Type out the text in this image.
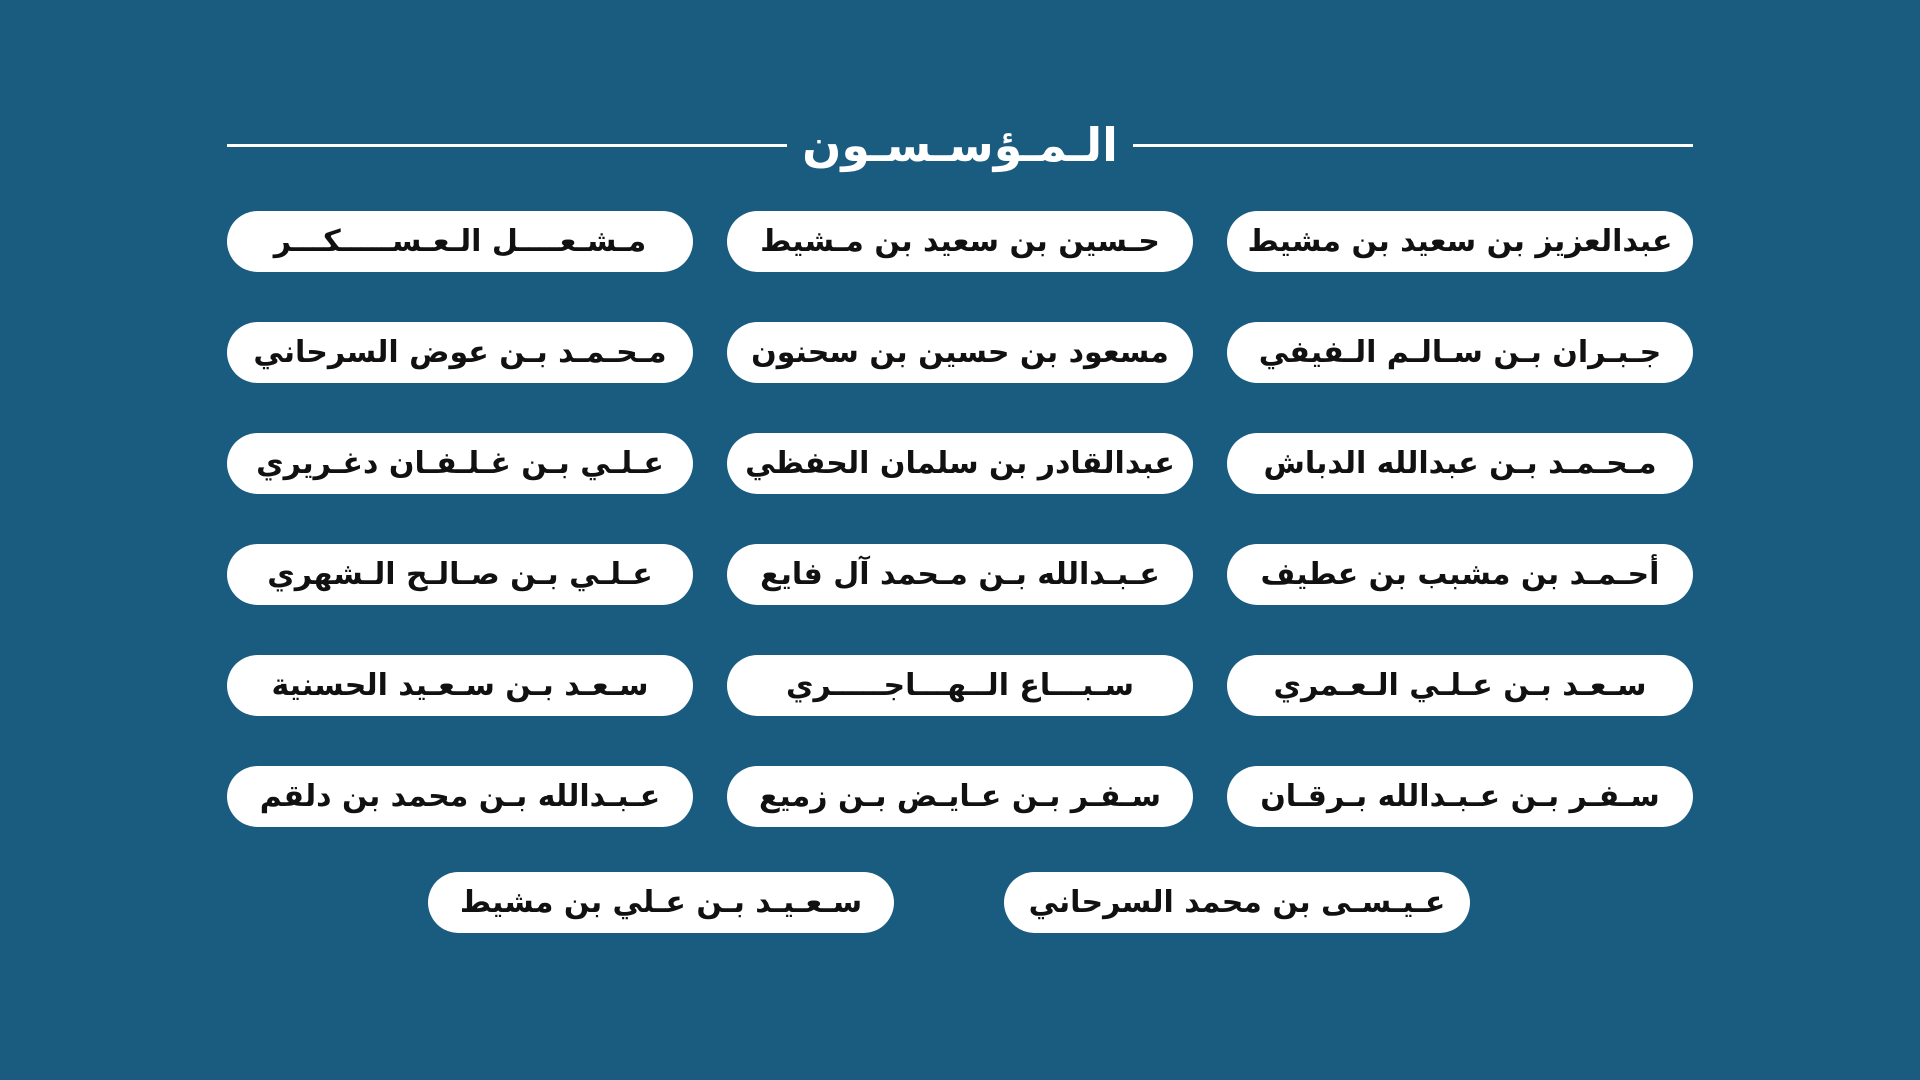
الـمـؤسـسـون
عبدالعزيز بن سعيد بن مشيط
حـسين بن سعيد بن مـشيط
مـشـعــــل الـعـســـــكـــر
جـبـران بـن سـالـم الـفيفي
مسعود بن حسين بن سحنون
مـحـمـد بـن عوض السرحاني
مـحـمـد بـن عبدالله الدباش
عبدالقادر بن سلمان الحفظي
عـلـي بـن غـلـفـان دغـريري
أحـمـد بن مشبب بن عطيف
عـبـدالله بـن مـحمد آل فايع
عـلـي بـن صـالـح الـشهري
سـعـد بـن عـلـي الـعـمري
سـبـــاع الــهـــاجـــــري
سـعـد بـن سـعـيد الحسنية
سـفـر بـن عـبـدالله بـرقـان
سـفـر بـن عـايـض بـن زميع
عـبـدالله بـن محمد بن دلقم
عـيـسـى بن محمد السرحاني
سـعـيـد بـن عـلي بن مشيط
